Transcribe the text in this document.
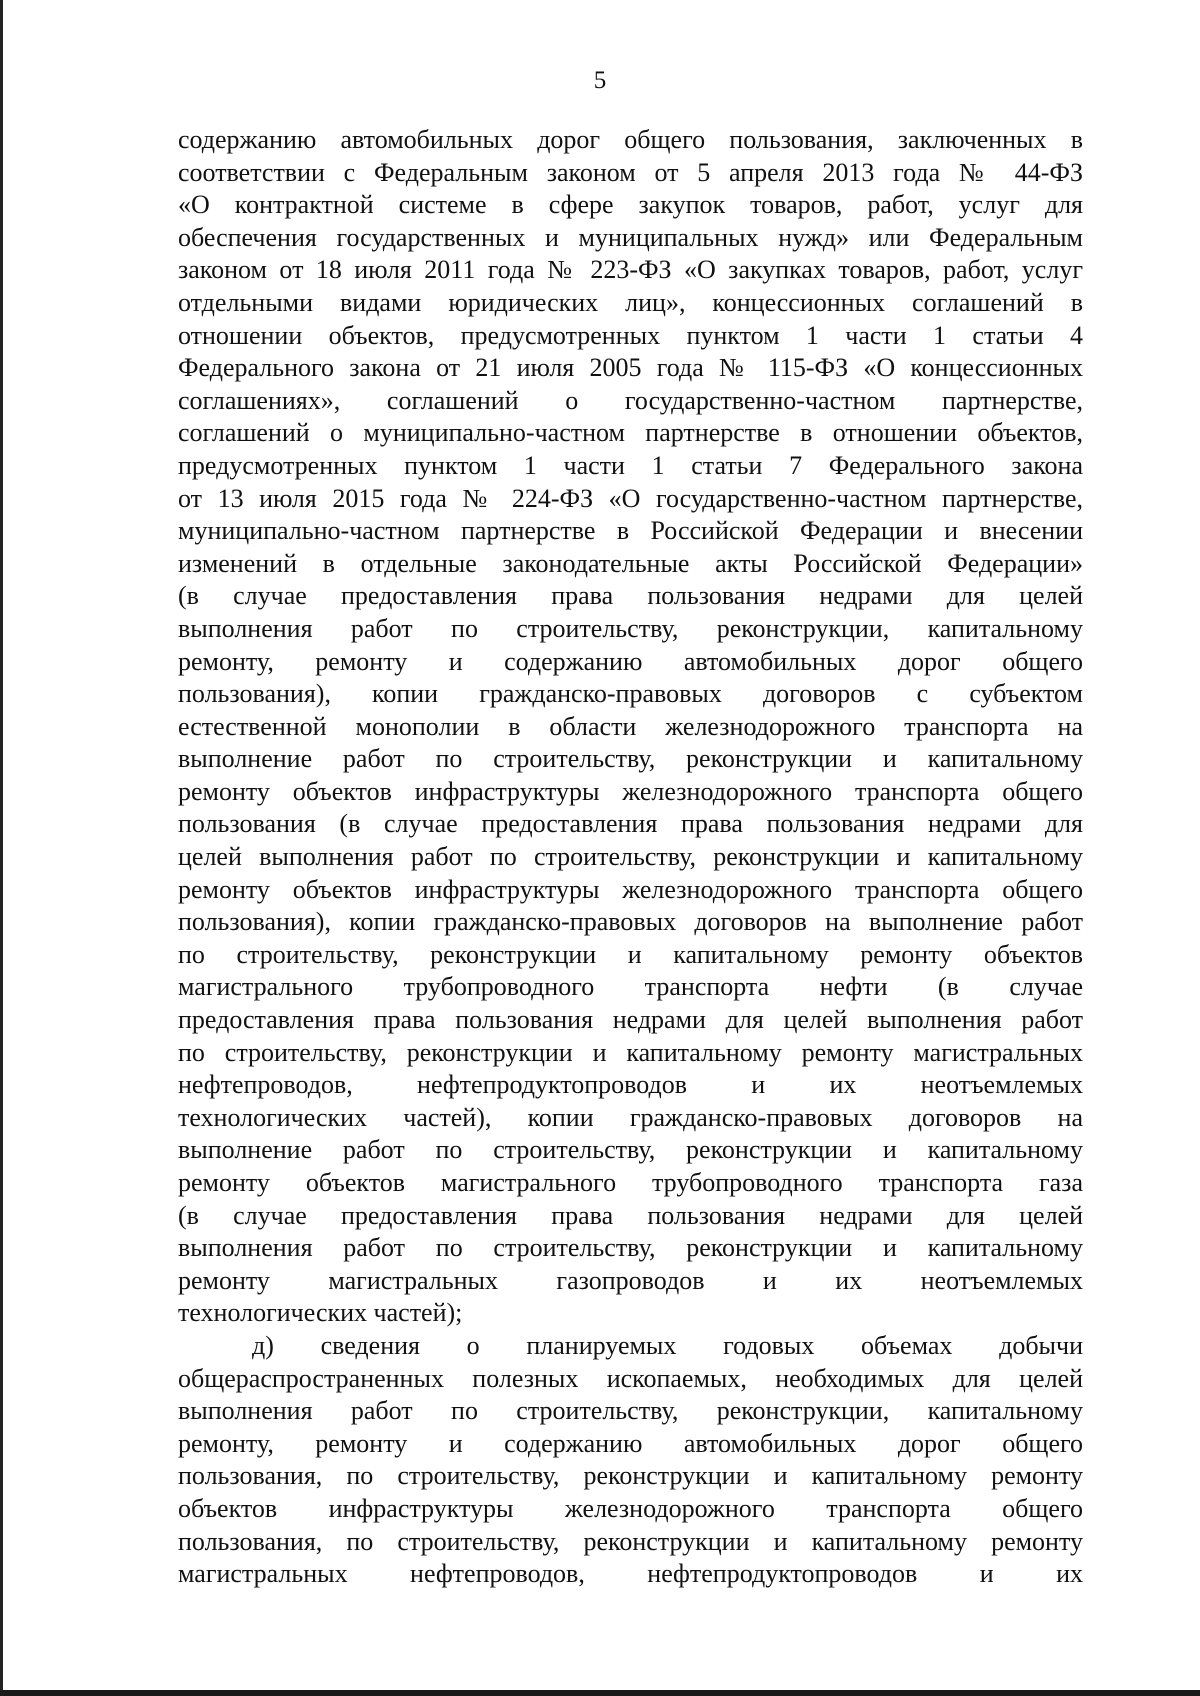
5
содержанию автомобильных дорог общего пользования, заключенных в
соответствии с Федеральным законом от 5 апреля 2013 года № 44-ФЗ
«О контрактной системе в сфере закупок товаров, работ, услуг для
обеспечения государственных и муниципальных нужд» или Федеральным
законом от 18 июля 2011 года № 223-ФЗ «О закупках товаров, работ, услуг
отдельными видами юридических лиц», концессионных соглашений в
отношении объектов, предусмотренных пунктом 1 части 1 статьи 4
Федерального закона от 21 июля 2005 года № 115-ФЗ «О концессионных
соглашениях», соглашений о государственно-частном партнерстве,
соглашений о муниципально-частном партнерстве в отношении объектов,
предусмотренных пунктом 1 части 1 статьи 7 Федерального закона
от 13 июля 2015 года № 224-ФЗ «О государственно-частном партнерстве,
муниципально-частном партнерстве в Российской Федерации и внесении
изменений в отдельные законодательные акты Российской Федерации»
(в случае предоставления права пользования недрами для целей
выполнения работ по строительству, реконструкции, капитальному
ремонту, ремонту и содержанию автомобильных дорог общего
пользования), копии гражданско-правовых договоров с субъектом
естественной монополии в области железнодорожного транспорта на
выполнение работ по строительству, реконструкции и капитальному
ремонту объектов инфраструктуры железнодорожного транспорта общего
пользования (в случае предоставления права пользования недрами для
целей выполнения работ по строительству, реконструкции и капитальному
ремонту объектов инфраструктуры железнодорожного транспорта общего
пользования), копии гражданско-правовых договоров на выполнение работ
по строительству, реконструкции и капитальному ремонту объектов
магистрального трубопроводного транспорта нефти (в случае
предоставления права пользования недрами для целей выполнения работ
по строительству, реконструкции и капитальному ремонту магистральных
нефтепроводов, нефтепродуктопроводов и их неотъемлемых
технологических частей), копии гражданско-правовых договоров на
выполнение работ по строительству, реконструкции и капитальному
ремонту объектов магистрального трубопроводного транспорта газа
(в случае предоставления права пользования недрами для целей
выполнения работ по строительству, реконструкции и капитальному
ремонту магистральных газопроводов и их неотъемлемых
технологических частей);
д) сведения о планируемых годовых объемах добычи
общераспространенных полезных ископаемых, необходимых для целей
выполнения работ по строительству, реконструкции, капитальному
ремонту, ремонту и содержанию автомобильных дорог общего
пользования, по строительству, реконструкции и капитальному ремонту
объектов инфраструктуры железнодорожного транспорта общего
пользования, по строительству, реконструкции и капитальному ремонту
магистральных нефтепроводов, нефтепродуктопроводов и их
